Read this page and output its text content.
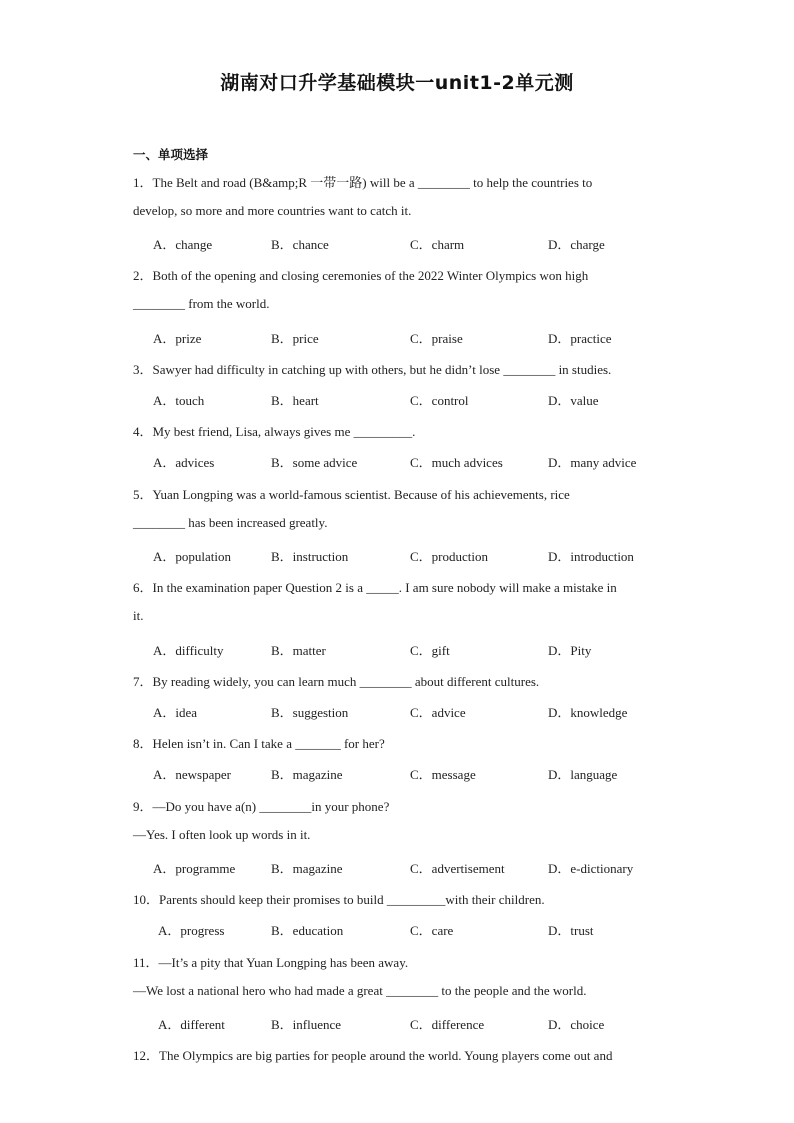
湖南对口升学基础模块一unit1-2单元测
一、单项选择
1．The Belt and road (B&amp;R 一带一路) will be a ________ to help the countries to
develop, so more and more countries want to catch it.
A．change	B．chance	C．charm	D．charge
2．Both of the opening and closing ceremonies of the 2022 Winter Olympics won high
________ from the world.
A．prize	B．price	C．praise	D．practice
3．Sawyer had difficulty in catching up with others, but he didn’t lose ________ in studies.
A．touch	B．heart	C．control	D．value
4．My best friend, Lisa, always gives me _________.
A．advices	B．some advice	C．much advices	D．many advice
5．Yuan Longping was a world-famous scientist. Because of his achievements, rice
________ has been increased greatly.
A．population	B．instruction	C．production	D．introduction
6．In the examination paper Question 2 is a _____. I am sure nobody will make a mistake in
it.
A．difficulty	B．matter	C．gift	D．Pity
7．By reading widely, you can learn much ________ about different cultures.
A．idea	B．suggestion	C．advice	D．knowledge
8．Helen isn’t in. Can I take a _______ for her?
A．newspaper	B．magazine	C．message	D．language
9．—Do you have a(n) ________in your phone?
—Yes. I often look up words in it.
A．programme	B．magazine	C．advertisement	D．e-dictionary
10．Parents should keep their promises to build _________with their children.
A．progress	B．education	C．care	D．trust
11．—It’s a pity that Yuan Longping has been away.
—We lost a national hero who had made a great ________ to the people and the world.
A．different	B．influence	C．difference	D．choice
12．The Olympics are big parties for people around the world. Young players come out and
